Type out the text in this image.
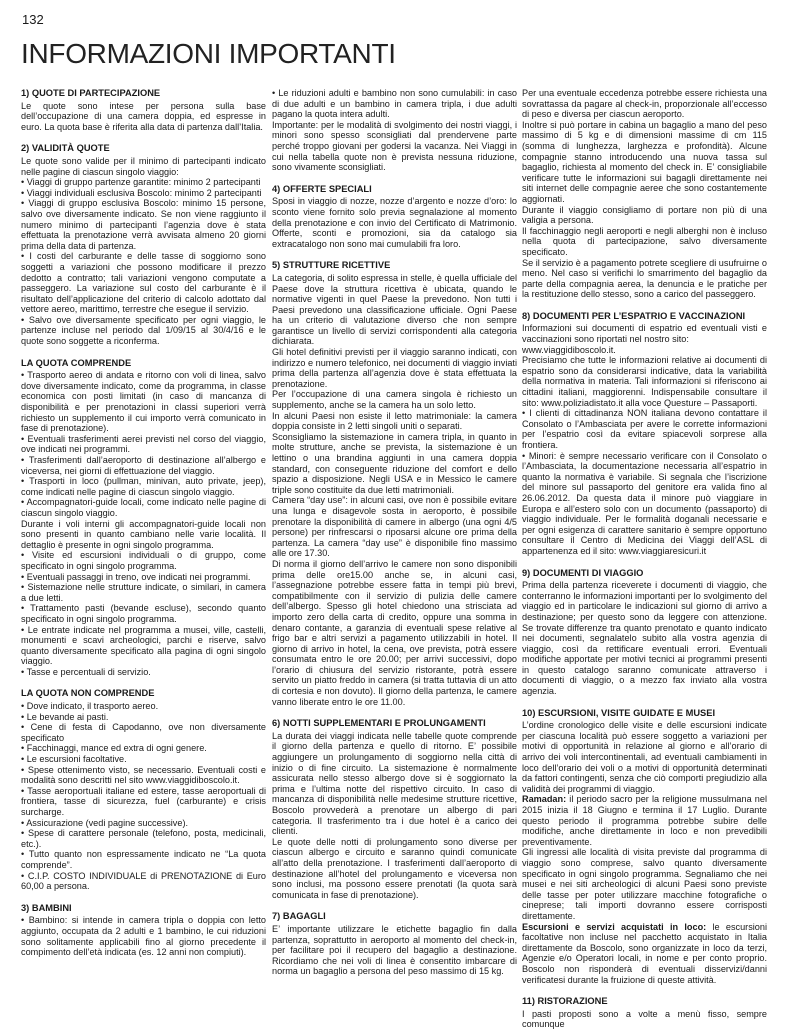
132
INFORMAZIONI IMPORTANTI
1) QUOTE DI PARTECIPAZIONE

Le quote sono intese per persona sulla base dell’occupazione di una camera doppia, ed espresse in euro. La quota base è riferita alla data di partenza dall’Italia.

2) VALIDITÀ QUOTE

Le quote sono valide per il minimo di partecipanti indicato nelle pagine di ciascun singolo viaggio:

• Viaggi di gruppo partenze garantite: minimo 2 partecipanti

• Viaggi individuali esclusiva Boscolo: minimo 2 partecipanti

• Viaggi di gruppo esclusiva Boscolo: minimo 15 persone, salvo ove diversamente indicato. Se non viene raggiunto il numero minimo di partecipanti l’agenzia dove è stata effettuata la prenotazione verrà avvisata almeno 20 giorni prima della data di partenza.

• I costi del carburante e delle tasse di soggiorno sono soggetti a variazioni che possono modificare il prezzo dedotto a contratto; tali variazioni vengono computate a passeggero. La variazione sul costo del carburante è il risultato dell’applicazione del criterio di calcolo adottato dal vettore aereo, marittimo, terrestre che esegue il servizio.

• Salvo ove diversamente specificato per ogni viaggio, le partenze incluse nel periodo dal 1/09/15 al 30/4/16 e le quote sono soggette a riconferma.

LA QUOTA COMPRENDE

• Trasporto aereo di andata e ritorno con voli di linea, salvo dove diversamente indicato, come da programma, in classe economica con posti limitati (in caso di mancanza di disponibilità e per prenotazioni in classi superiori verrà richiesto un supplemento il cui importo verrà comunicato in fase di prenotazione).

• Eventuali trasferimenti aerei previsti nel corso del viaggio, ove indicati nei programmi.

• Trasferimenti dall’aeroporto di destinazione all’albergo e viceversa, nei giorni di effettuazione del viaggio.

• Trasporti in loco (pullman, minivan, auto private, jeep), come indicati nelle pagine di ciascun singolo viaggio.

• Accompagnatori-guide locali, come indicato nelle pagine di ciascun singolo viaggio.

Durante i voli interni gli accompagnatori-guide locali non sono presenti in quanto cambiano nelle varie località. Il dettaglio è presente in ogni singolo programma.

• Visite ed escursioni individuali o di gruppo, come specificato in ogni singolo programma.

• Eventuali passaggi in treno, ove indicati nei programmi.

• Sistemazione nelle strutture indicate, o similari, in camera a due letti.

• Trattamento pasti (bevande escluse), secondo quanto specificato in ogni singolo programma.

• Le entrate indicate nel programma a musei, ville, castelli, monumenti e scavi archeologici, parchi e riserve, salvo quanto diversamente specificato alla pagina di ogni singolo viaggio.

• Tasse e percentuali di servizio.

LA QUOTA NON COMPRENDE

• Dove indicato, il trasporto aereo.

• Le bevande ai pasti.

• Cene di festa di Capodanno, ove non diversamente specificato

• Facchinaggi, mance ed extra di ogni genere.

• Le escursioni facoltative.

• Spese ottenimento visto, se necessario. Eventuali costi e modalità sono descritti nel sito www.viaggidiboscolo.it.

• Tasse aeroportuali italiane ed estere, tasse aeroportuali di frontiera, tasse di sicurezza, fuel (carburante) e crisis surcharge.

• Assicurazione (vedi pagine successive).

• Spese di carattere personale (telefono, posta, medicinali, etc.).

• Tutto quanto non espressamente indicato ne “La quota comprende”.

• C.I.P. COSTO INDIVIDUALE di PRENOTAZIONE di Euro 60,00 a persona.

3) BAMBINI

• Bambino: si intende in camera tripla o doppia con letto aggiunto, occupata da 2 adulti e 1 bambino, le cui riduzioni sono solitamente applicabili fino al giorno precedente il compimento dell’età indicata (es. 12 anni non compiuti).

• Le riduzioni adulti e bambino non sono cumulabili: in caso di due adulti e un bambino in camera tripla, i due adulti pagano la quota intera adulti.

Importante: per le modalità di svolgimento dei nostri viaggi, i minori sono spesso sconsigliati dal prendervene parte perché troppo giovani per godersi la vacanza. Nei Viaggi in cui nella tabella quote non è prevista nessuna riduzione, sono vivamente sconsigliati.

4) OFFERTE SPECIALI

Sposi in viaggio di nozze, nozze d’argento e nozze d’oro: lo sconto viene fornito solo previa segnalazione al momento della prenotazione e con invio del Certificato di Matrimonio. Offerte, sconti e promozioni, sia da catalogo sia extracatalogo non sono mai cumulabili fra loro.

5) STRUTTURE RICETTIVE

La categoria, di solito espressa in stelle, è quella ufficiale del Paese dove la struttura ricettiva è ubicata, quando le normative vigenti in quel Paese la prevedono. Non tutti i Paesi prevedono una classificazione ufficiale. Ogni Paese ha un criterio di valutazione diverso che non sempre garantisce un livello di servizi corrispondenti alla categoria dichiarata.

Gli hotel definitivi previsti per il viaggio saranno indicati, con indirizzo e numero telefonico, nei documenti di viaggio inviati prima della partenza all’agenzia dove è stata effettuata la prenotazione.

Per l’occupazione di una camera singola è richiesto un supplemento, anche se la camera ha un solo letto.

In alcuni Paesi non esiste il letto matrimoniale: la camera doppia consiste in 2 letti singoli uniti o separati.

Sconsigliamo la sistemazione in camera tripla, in quanto in molte strutture, anche se prevista, la sistemazione è un lettino o una brandina aggiunti in una camera doppia standard, con conseguente riduzione del comfort e dello spazio a disposizione. Negli USA e in Messico le camere triple sono costituite da due letti matrimoniali.

Camera “day use”: in alcuni casi, ove non è possibile evitare una lunga e disagevole sosta in aeroporto, è possibile prenotare la disponibilità di camere in albergo (una ogni 4/5 persone) per rinfrescarsi o riposarsi alcune ore prima della partenza. La camera “day use” è disponibile fino massimo alle ore 17.30.

Di norma il giorno dell’arrivo le camere non sono disponibili prima delle ore15.00 anche se, in alcuni casi, l’assegnazione potrebbe essere fatta in tempi più brevi, compatibilmente con il servizio di pulizia delle camere dell’albergo. Spesso gli hotel chiedono una strisciata ad importo zero della carta di credito, oppure una somma in denaro contante, a garanzia di eventuali spese relative al frigo bar e altri servizi a pagamento utilizzabili in hotel. Il giorno di arrivo in hotel, la cena, ove prevista, potrà essere consumata entro le ore 20.00; per arrivi successivi, dopo l’orario di chiusura del servizio ristorante, potrà essere servito un piatto freddo in camera (si tratta tuttavia di un atto di cortesia e non dovuto). Il giorno della partenza, le camere vanno liberate entro le ore 11.00.

6) NOTTI SUPPLEMENTARI E PROLUNGAMENTI

La durata dei viaggi indicata nelle tabelle quote comprende il giorno della partenza e quello di ritorno. E’ possibile aggiungere un prolungamento di soggiorno nella città di inizio o di fine circuito. La sistemazione è normalmente assicurata nello stesso albergo dove si è soggiornato la prima e l’ultima notte del rispettivo circuito. In caso di mancanza di disponibilità nelle medesime strutture ricettive, Boscolo provvederà a prenotare un albergo di pari categoria. Il trasferimento tra i due hotel è a carico dei clienti.

Le quote delle notti di prolungamento sono diverse per ciascun albergo e circuito e saranno quindi comunicate all’atto della prenotazione. I trasferimenti dall’aeroporto di destinazione all’hotel del prolungamento e viceversa non sono inclusi, ma possono essere prenotati (la quota sarà comunicata in fase di prenotazione).

7) BAGAGLI

E’ importante utilizzare le etichette bagaglio fin dalla partenza, soprattutto in aeroporto al momento del check-in, per facilitare poi il recupero del bagaglio a destinazione. Ricordiamo che nei voli di linea è consentito imbarcare di norma un bagaglio a persona del peso massimo di 15 kg.

Per una eventuale eccedenza potrebbe essere richiesta una sovrattassa da pagare al check-in, proporzionale all’eccesso di peso e diversa per ciascun aeroporto.

Inoltre si può portare in cabina un bagaglio a mano del peso massimo di 5 kg e di dimensioni massime di cm 115 (somma di lunghezza, larghezza e profondità). Alcune compagnie stanno introducendo una nuova tassa sul bagaglio, richiesta al momento del check in. E’ consigliabile verificare tutte le informazioni sui bagagli direttamente nei siti internet delle compagnie aeree che sono costantemente aggiornati.

Durante il viaggio consigliamo di portare non più di una valigia a persona.

Il facchinaggio negli aeroporti e negli alberghi non è incluso nella quota di partecipazione, salvo diversamente specificato.

Se il servizio è a pagamento potrete scegliere di usufruirne o meno. Nel caso si verifichi lo smarrimento del bagaglio da parte della compagnia aerea, la denuncia e le pratiche per la restituzione dello stesso, sono a carico del passeggero.

8) DOCUMENTI PER L’ESPATRIO E VACCINAZIONI

Informazioni sui documenti di espatrio ed eventuali visti e vaccinazioni sono riportati nel nostro sito:

www.viaggidiboscolo.it.

Precisiamo che tutte le informazioni relative ai documenti di espatrio sono da considerarsi indicative, data la variabilità della normativa in materia. Tali informazioni si riferiscono ai cittadini italiani, maggiorenni. Indispensabile consultare il sito: www.poliziadistato.it alla voce Questure – Passaporti.

• I clienti di cittadinanza NON italiana devono contattare il Consolato o l’Ambasciata per avere le corrette informazioni per l’espatrio così da evitare spiacevoli sorprese alla frontiera.

• Minori: è sempre necessario verificare con il Consolato o l’Ambasciata, la documentazione necessaria all’espatrio in quanto la normativa è variabile. Si segnala che l’iscrizione del minore sul passaporto del genitore era valida fino al 26.06.2012. Da questa data il minore può viaggiare in Europa e all’estero solo con un documento (passaporto) di viaggio individuale. Per le formalità doganali necessarie e per ogni esigenza di carattere sanitario è sempre opportuno consultare il Centro di Medicina dei Viaggi dell’ASL di appartenenza ed il sito: www.viaggiaresicuri.it

9) DOCUMENTI DI VIAGGIO

Prima della partenza riceverete i documenti di viaggio, che conterranno le informazioni importanti per lo svolgimento del viaggio ed in particolare le indicazioni sul giorno di arrivo a destinazione; per questo sono da leggere con attenzione. Se trovate differenze tra quanto prenotato e quanto indicato nei documenti, segnalatelo subito alla vostra agenzia di viaggio, così da rettificare eventuali errori. Eventuali modifiche apportate per motivi tecnici ai programmi presenti in questo catalogo saranno comunicate attraverso i documenti di viaggio, o a mezzo fax inviato alla vostra agenzia.

10) ESCURSIONI, VISITE GUIDATE E MUSEI

L’ordine cronologico delle visite e delle escursioni indicate per ciascuna località può essere soggetto a variazioni per motivi di opportunità in relazione al giorno e all’orario di arrivo dei voli intercontinentali, ad eventuali cambiamenti in loco dell’orario dei voli o a motivi di opportunità determinati da fattori contingenti, senza che ciò comporti pregiudizio alla validità dei programmi di viaggio.

Ramadan: il periodo sacro per la religione mussulmana nel 2015 inizia il 18 Giugno e termina il 17 Luglio. Durante questo periodo il programma potrebbe subire delle modifiche, anche direttamente in loco e non prevedibili preventivamente.

Gli ingressi alle località di visita previste dal programma di viaggio sono comprese, salvo quanto diversamente specificato in ogni singolo programma. Segnaliamo che nei musei e nei siti archeologici di alcuni Paesi sono previste delle tasse per poter utilizzare macchine fotografiche o cineprese; tali importi dovranno essere corrisposti direttamente.

Escursioni e servizi acquistati in loco: le escursioni facoltative non incluse nel pacchetto acquistato in Italia direttamente da Boscolo, sono organizzate in loco da terzi, Agenzie e/o Operatori locali, in nome e per conto proprio. Boscolo non risponderà di eventuali disservizi/danni verificatesi durante la fruizione di queste attività.

11) RISTORAZIONE

I pasti proposti sono a volte a menù fisso, sempre comunque
